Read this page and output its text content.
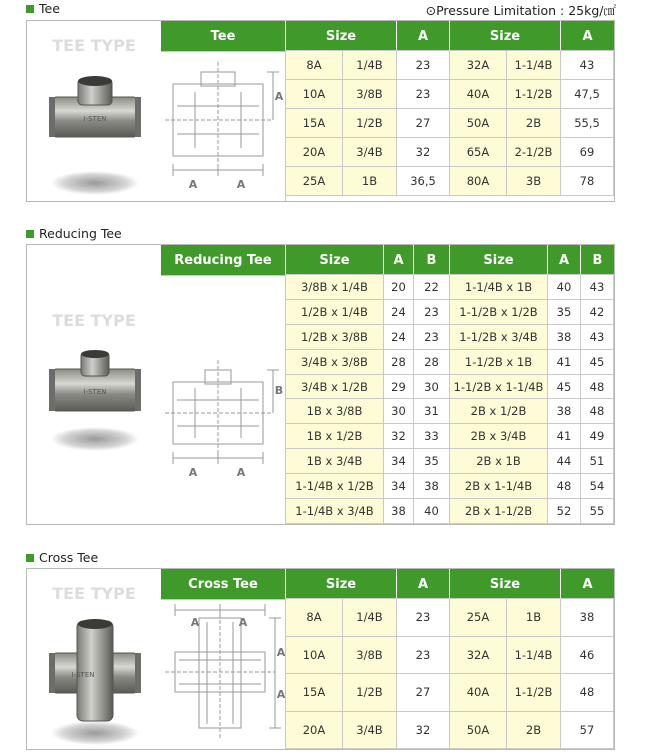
⊙Pressure Limitation : 25kg/㎠
Tee
TEE TYPE
I-STEN
Tee	Size	A	Size	A
A	A
A
8A	1/4B	23	32A	1-1/4B	43
10A	3/8B	23	40A	1-1/2B	47,5
15A	1/2B	27	50A	2B	55,5
20A	3/4B	32	65A	2-1/2B	69
25A	1B	36,5	80A	3B	78
Reducing Tee
TEE TYPE
I-STEN
Reducing Tee	Size	A	B	Size	A	B
A	A
B
3/8B x 1/4B	20	22	1-1/4B x 1B	40	43
1/2B x 1/4B	24	23	1-1/2B x 1/2B	35	42
1/2B x 3/8B	24	23	1-1/2B x 3/4B	38	43
3/4B x 3/8B	28	28	1-1/2B x 1B	41	45
3/4B x 1/2B	29	30	1-1/2B x 1-1/4B	45	48
1B x 3/8B	30	31	2B x 1/2B	38	48
1B x 1/2B	32	33	2B x 3/4B	41	49
1B x 3/4B	34	35	2B x 1B	44	51
1-1/4B x 1/2B	34	38	2B x 1-1/4B	48	54
1-1/4B x 3/4B	38	40	2B x 1-1/2B	52	55
Cross Tee
TEE TYPE
I-STEN
Cross Tee	Size	A	Size	A
A	A
A
A
8A	1/4B	23	25A	1B	38
10A	3/8B	23	32A	1-1/4B	46
15A	1/2B	27	40A	1-1/2B	48
20A	3/4B	32	50A	2B	57
